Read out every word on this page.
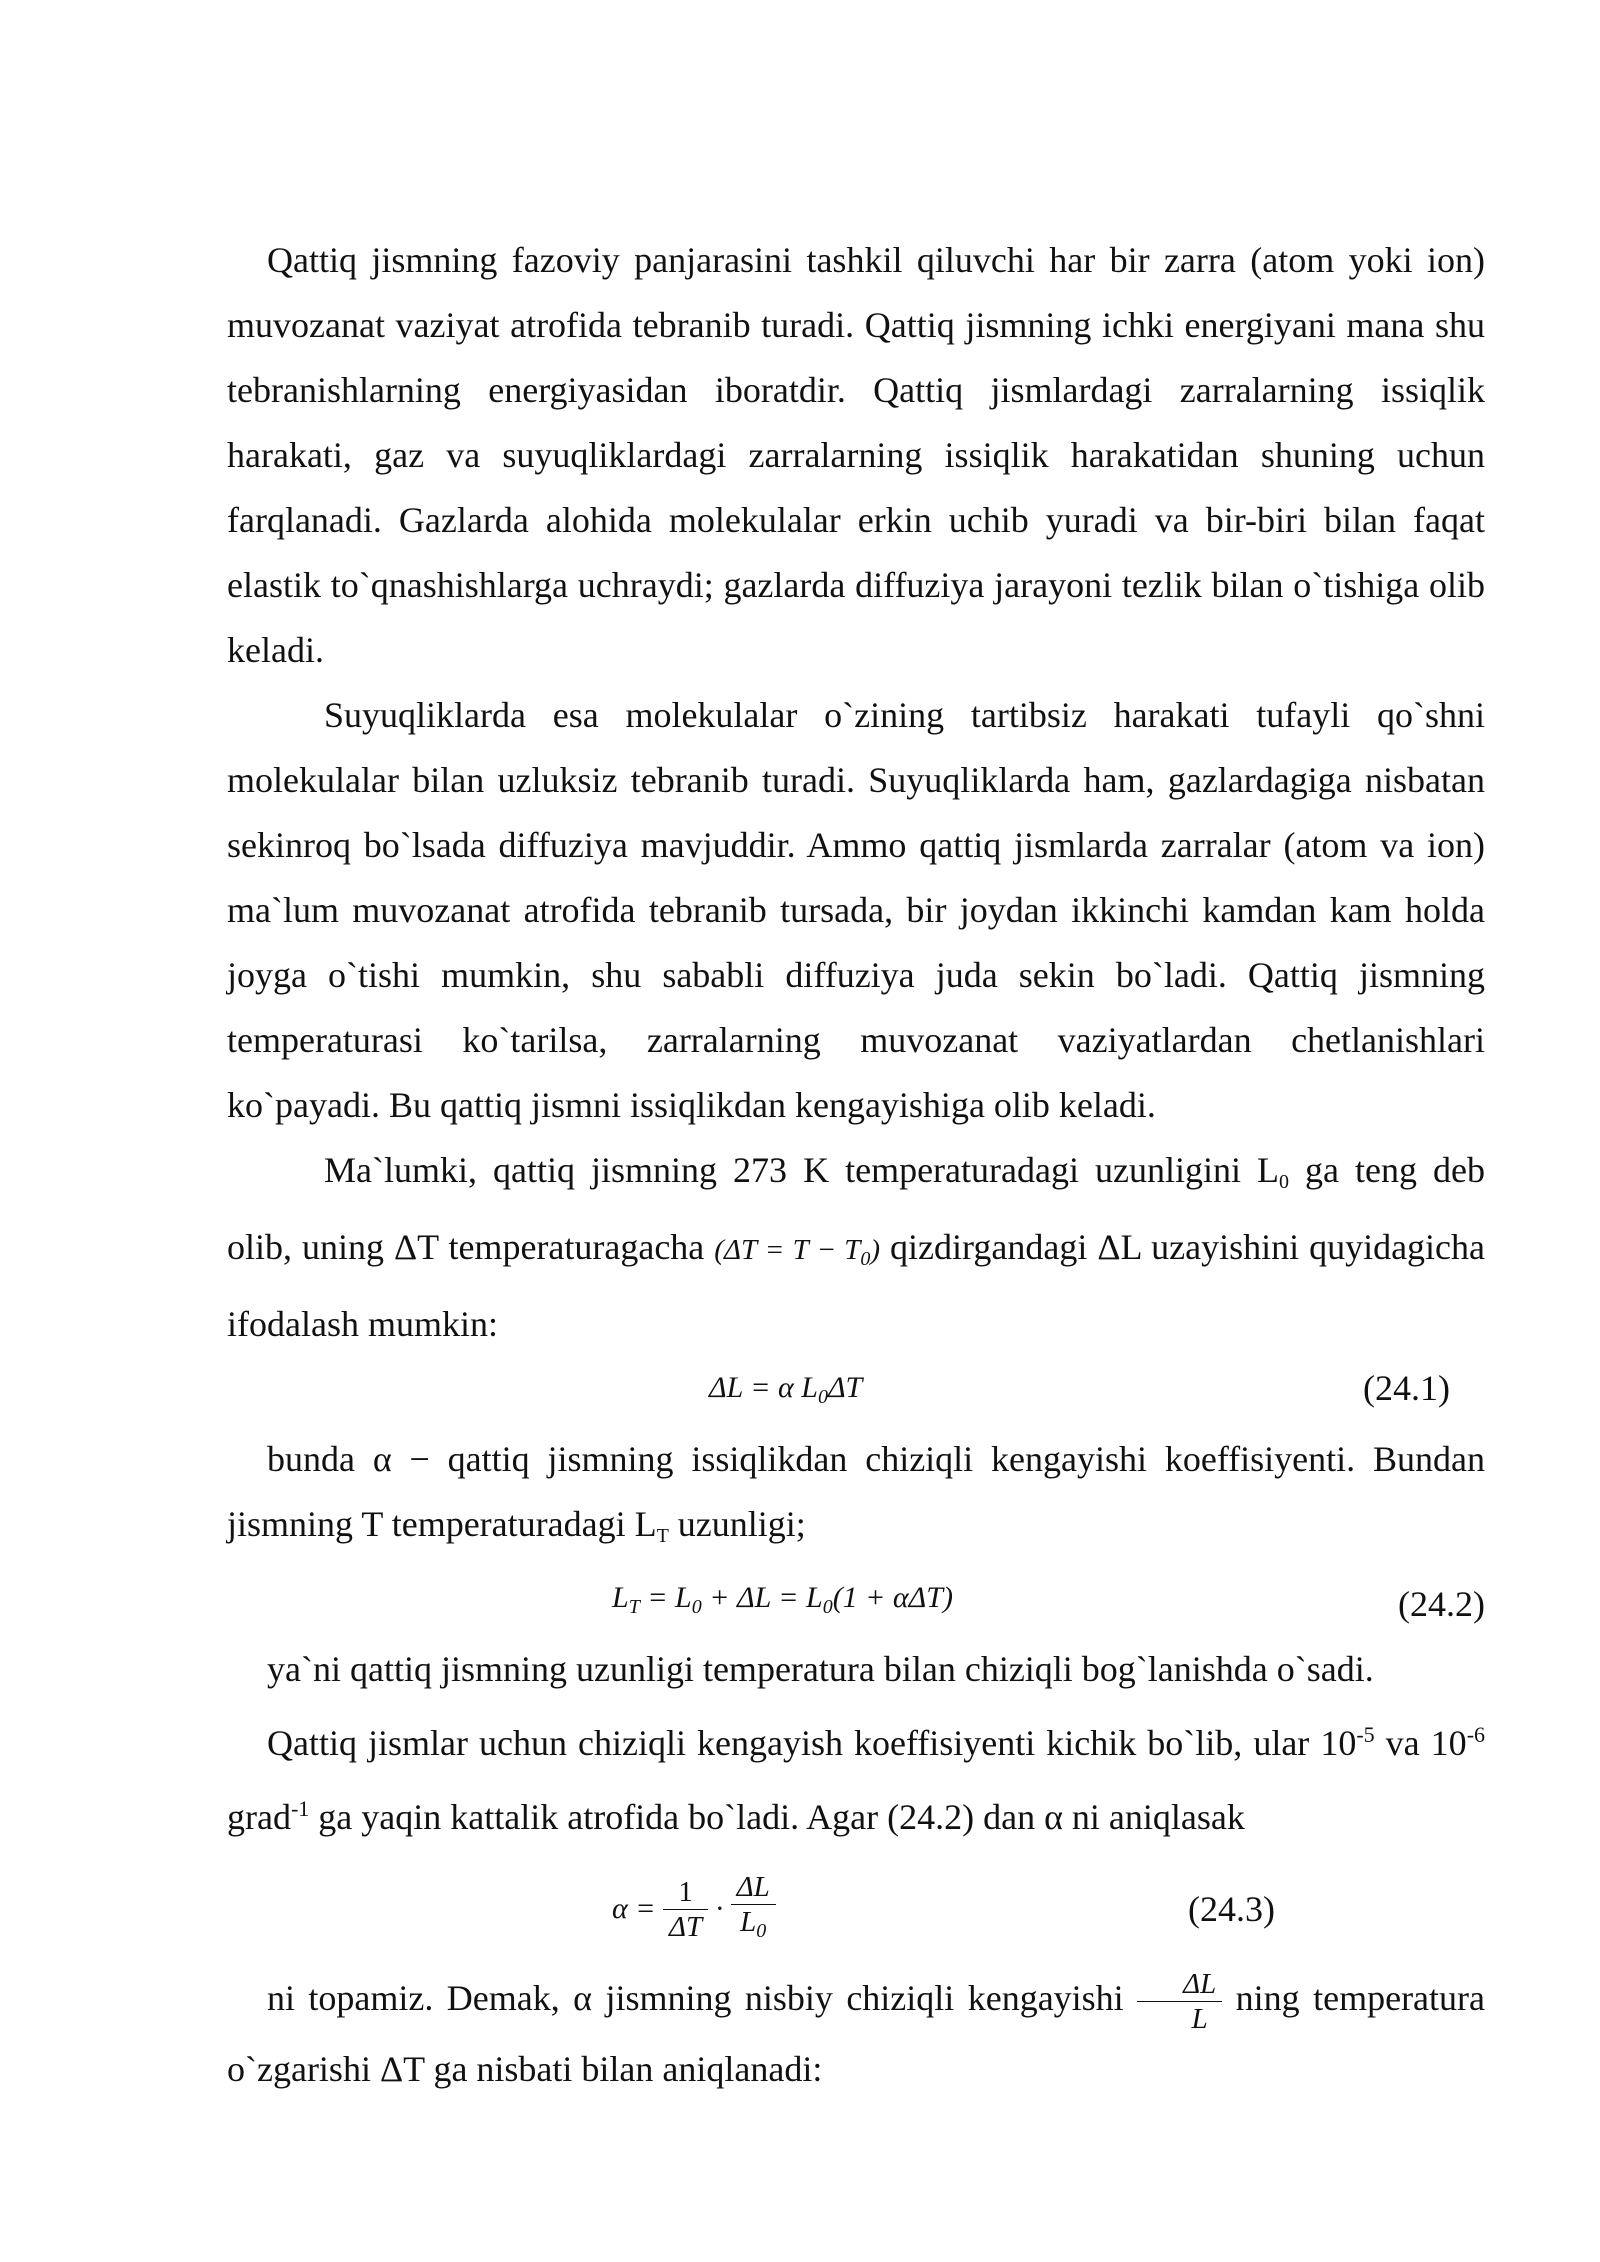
Qattiq jismning fazoviy panjarasini tashkil qiluvchi har bir zarra (atom yoki ion) muvozanat vaziyat atrofida tebranib turadi. Qattiq jismning ichki energiyani mana shu tebranishlarning energiyasidan iboratdir. Qattiq jismlardagi zarralarning issiqlik harakati, gaz va suyuqliklardagi zarralarning issiqlik harakatidan shuning uchun farqlanadi. Gazlarda alohida molekulalar erkin uchib yuradi va bir-biri bilan faqat elastik to`qnashishlarga uchraydi; gazlarda diffuziya jarayoni tezlik bilan o`tishiga olib keladi.

Suyuqliklarda esa molekulalar o`zining tartibsiz harakati tufayli qo`shni molekulalar bilan uzluksiz tebranib turadi. Suyuqliklarda ham, gazlardagiga nisbatan sekinroq bo`lsada diffuziya mavjuddir. Ammo qattiq jismlarda zarralar (atom va ion) ma`lum muvozanat atrofida tebranib tursada, bir joydan ikkinchi kamdan kam holda joyga o`tishi mumkin, shu sababli diffuziya juda sekin bo`ladi. Qattiq jismning temperaturasi ko`tarilsa, zarralarning muvozanat vaziyatlardan chetlanishlari ko`payadi. Bu qattiq jismni issiqlikdan kengayishiga olib keladi.

Ma`lumki, qattiq jismning 273 K temperaturadagi uzunligini $L_0$ ga teng deb olib, uning ΔT temperaturagacha $(\Delta T = T - T_0)$ qizdirgandagi ΔL uzayishini quyidagicha ifodalash mumkin:

ΔL = α $L_0\Delta T$	(24.1)

bunda α − qattiq jismning issiqlikdan chiziqli kengayishi koeffisiyenti. Bundan jismning T temperaturadagi $L_T$ uzunligi;

$L_T = L_0 + \Delta L = L_0(1 + \alpha\Delta T)$	(24.2)

ya`ni qattiq jismning uzunligi temperatura bilan chiziqli bog`lanishda o`sadi.

Qattiq jismlar uchun chiziqli kengayish koeffisiyenti kichik bo`lib, ular $10^{-5}$ va $10^{-6}$ grad$^{-1}$ ga yaqin kattalik atrofida bo`ladi. Agar (24.2) dan α ni aniqlasak

$\alpha = \frac{1}{\Delta T} \cdot \frac{\Delta L}{L_0}$	(24.3)

ni topamiz. Demak, α jismning nisbiy chiziqli kengayishi $\frac{\Delta L}{L}$ ning temperatura o`zgarishi ΔT ga nisbati bilan aniqlanadi:
